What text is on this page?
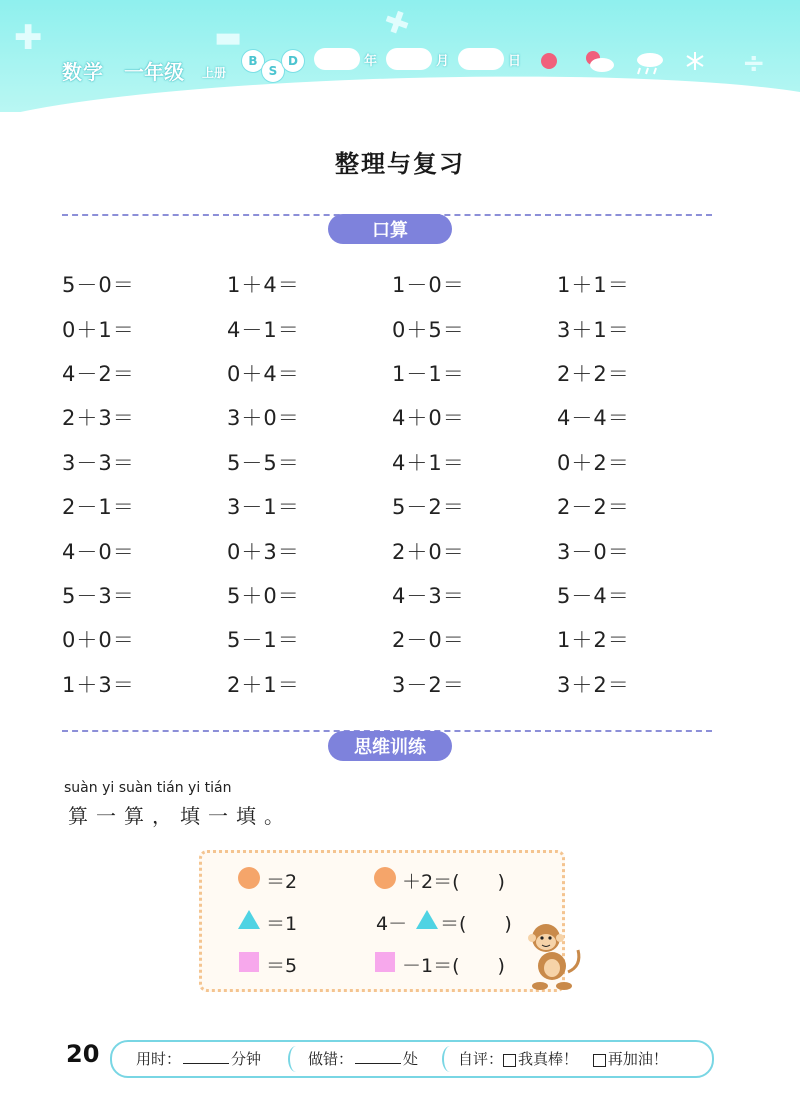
✚	▬	✚
÷
数学 一年级 上册
B
S
D	年	月	日
整理与复习
口算
5－0＝	1＋4＝	1－0＝	1＋1＝
0＋1＝	4－1＝	0＋5＝	3＋1＝
4－2＝	0＋4＝	1－1＝	2＋2＝
2＋3＝	3＋0＝	4＋0＝	4－4＝
3－3＝	5－5＝	4＋1＝	0＋2＝
2－1＝	3－1＝	5－2＝	2－2＝
4－0＝	0＋3＝	2＋0＝	3－0＝
5－3＝	5＋0＝	4－3＝	5－4＝
0＋0＝	5－1＝	2－0＝	1＋2＝
1＋3＝	2＋1＝	3－2＝	3＋2＝
思维训练
suàn yi suàn tián yi tián
算一算，填一填。
＝2	＋2＝(　　)
＝1	4－ ＝(　　)
＝5	－1＝(　　)
20 用时：	分钟	做错：	处	自评： 我真棒！ 再加油！
